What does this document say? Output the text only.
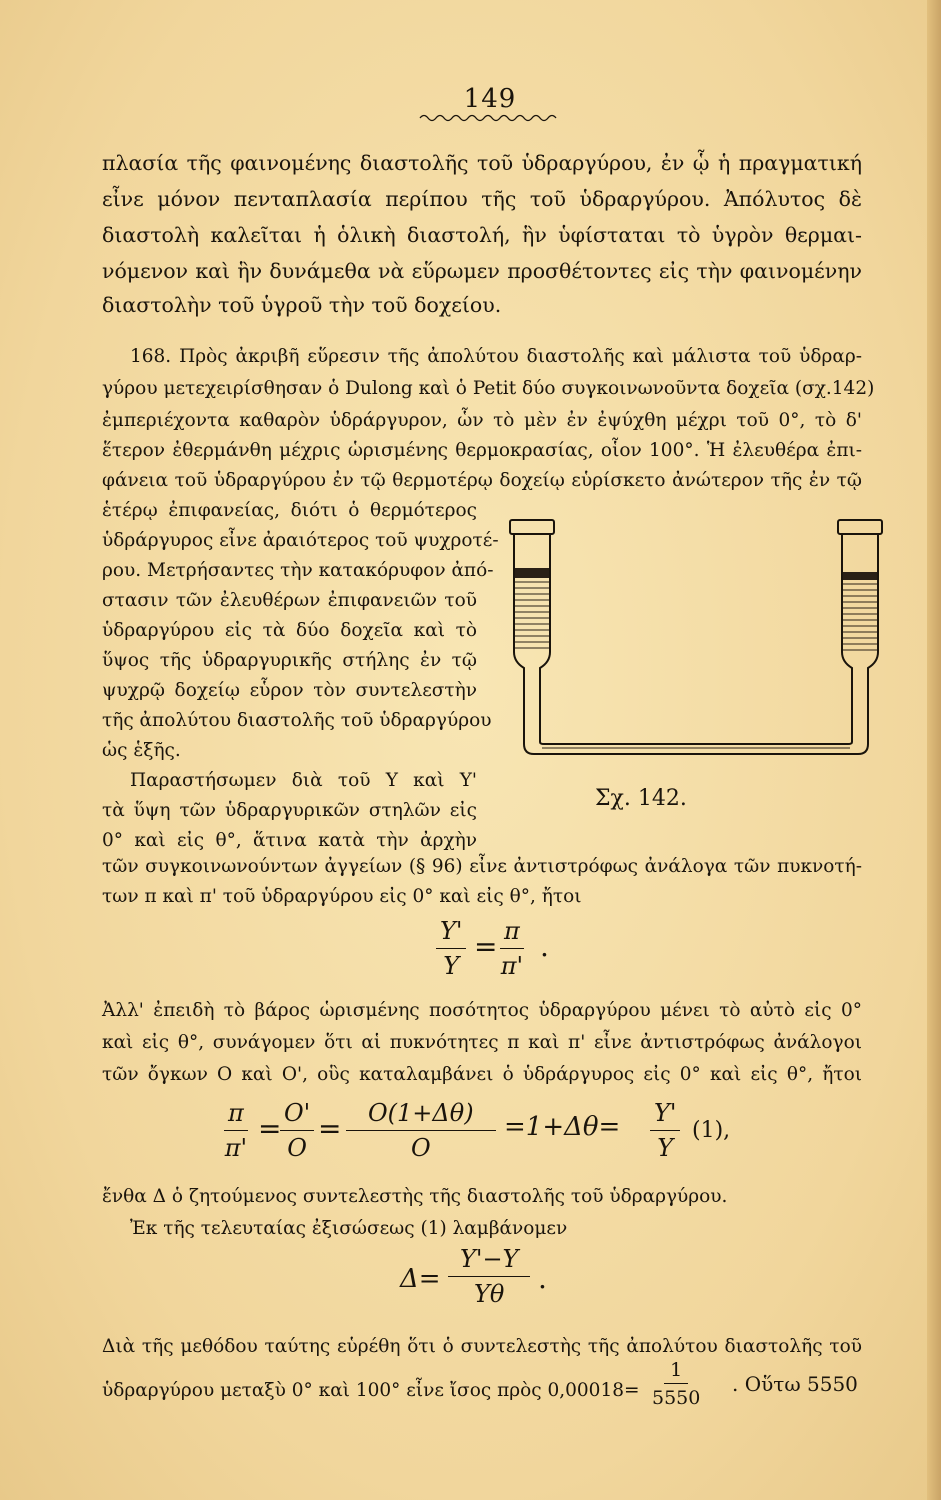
149
πλασία τῆς φαινομένης διαστολῆς τοῦ ὑδραργύρου, ἐν ᾧ ἡ πραγματική
εἶνε μόνον πενταπλασία περίπου τῆς τοῦ ὑδραργύρου. Ἀπόλυτος δὲ
διαστολὴ καλεῖται ἡ ὁλικὴ διαστολή, ἣν ὑφίσταται τὸ ὑγρὸν θερμαι-
νόμενον καὶ ἣν δυνάμεθα νὰ εὕρωμεν προσθέτοντες εἰς τὴν φαινομένην
διαστολὴν τοῦ ὑγροῦ τὴν τοῦ δοχείου.
168. Πρὸς ἀκριβῆ εὕρεσιν τῆς ἀπολύτου διαστολῆς καὶ μάλιστα τοῦ ὑδραρ-
γύρου μετεχειρίσθησαν ὁ Dulong καὶ ὁ Petit δύο συγκοινωνοῦντα δοχεῖα (σχ.142)
ἐμπεριέχοντα καθαρὸν ὑδράργυρον, ὧν τὸ μὲν ἐν ἐψύχθη μέχρι τοῦ 0°, τὸ δ'
ἕτερον ἐθερμάνθη μέχρις ὡρισμένης θερμοκρασίας, οἷον 100°. Ἡ ἐλευθέρα ἐπι-
φάνεια τοῦ ὑδραργύρου ἐν τῷ θερμοτέρῳ δοχείῳ εὑρίσκετο ἀνώτερον τῆς ἐν τῷ
ἑτέρῳ ἐπιφανείας, διότι ὁ θερμότερος
ὑδράργυρος εἶνε ἀραιότερος τοῦ ψυχροτέ-
ρου. Μετρήσαντες τὴν κατακόρυφον ἀπό-
στασιν τῶν ἐλευθέρων ἐπιφανειῶν τοῦ
ὑδραργύρου εἰς τὰ δύο δοχεῖα καὶ τὸ
ὕψος τῆς ὑδραργυρικῆς στήλης ἐν τῷ
ψυχρῷ δοχείῳ εὗρον τὸν συντελεστὴν
τῆς ἀπολύτου διαστολῆς τοῦ ὑδραργύρου
ὡς ἑξῆς.
Παραστήσωμεν διὰ τοῦ Υ καὶ Υ'
τὰ ὕψη τῶν ὑδραργυρικῶν στηλῶν εἰς
0° καὶ εἰς θ°, ἅτινα κατὰ τὴν ἀρχὴν
Σχ. 142.
τῶν συγκοινωνούντων ἀγγείων (§ 96) εἶνε ἀντιστρόφως ἀνάλογα τῶν πυκνοτή-
των π καὶ π' τοῦ ὑδραργύρου εἰς 0° καὶ εἰς θ°, ἤτοι
$\frac{\Upsilon'}{\Upsilon} = \frac{\pi}{\pi'}$ .
Ἀλλ' ἐπειδὴ τὸ βάρος ὡρισμένης ποσότητος ὑδραργύρου μένει τὸ αὐτὸ εἰς 0°
καὶ εἰς θ°, συνάγομεν ὅτι αἱ πυκνότητες π καὶ π' εἶνε ἀντιστρόφως ἀνάλογοι
τῶν ὄγκων Ο καὶ Ο', οὓς καταλαμβάνει ὁ ὑδράργυρος εἰς 0° καὶ εἰς θ°, ἤτοι
$\frac{\pi}{\pi'}$ =
$\frac{O'}{O} = \frac{O(1+\Delta\theta)}{O} =1+\Delta\theta= \frac{\Upsilon'}{\Upsilon} (1)$,
ἔνθα Δ ὁ ζητούμενος συντελεστὴς τῆς διαστολῆς τοῦ ὑδραργύρου.
Ἐκ τῆς τελευταίας ἐξισώσεως (1) λαμβάνομεν
$\Delta= \frac{\Upsilon'-\Upsilon}{\Upsilon\theta}$ .
Διὰ τῆς μεθόδου ταύτης εὑρέθη ὅτι ὁ συντελεστὴς τῆς ἀπολύτου διαστολῆς τοῦ
ὑδραργύρου μεταξὺ 0° καὶ 100° εἶνε ἴσος πρὸς $0,00018= \frac{1}{5550}$ . Οὕτω 5550
